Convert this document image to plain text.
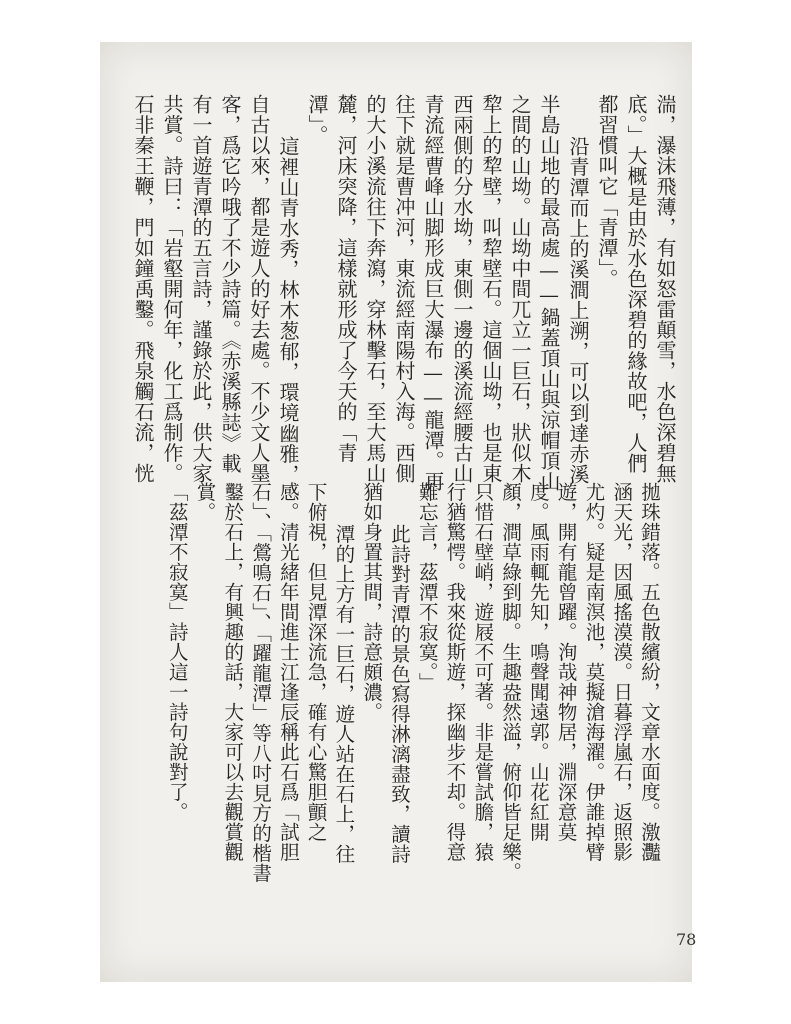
湍，瀑沫飛薄，有如怒雷顛雪，水色深碧無
底。」大概是由於水色深碧的緣故吧，人們
都習慣叫它「青潭」。
沿青潭而上的溪澗上溯，可以到達赤溪
半島山地的最高處——鍋蓋頂山與涼帽頂山
之間的山坳。山坳中間兀立一巨石，狀似木
犂上的犂壁，叫犂壁石。這個山坳，也是東
西兩側的分水坳，東側一邊的溪流經腰古山
青流經曹峰山脚形成巨大瀑布——龍潭。再
往下就是曹冲河，東流經南陽村入海。西側
的大小溪流往下奔瀉，穿林擊石，至大馬山
麓，河床突降，這樣就形成了今天的「青
潭」。
這裡山青水秀，林木葱郁，環境幽雅，
自古以來，都是遊人的好去處。不少文人墨
客，爲它吟哦了不少詩篇。《赤溪縣誌》載
有一首遊青潭的五言詩，謹錄於此，供大家
共賞。詩曰：「岩壑開何年，化工爲制作。
石非秦王鞭，門如鐘禹鑿。飛泉觸石流，恍
拋珠錯落。五色散繽紛，文章水面度。激灩
涵天光，因風搖漠漠。日暮浮嵐石，返照影
尤灼。疑是南溟池，莫擬滄海濯。伊誰掉臂
遊，開有龍曾躍。洵哉神物居，淵深意莫
度。風雨輒先知，鳴聲聞遠郭。山花紅開
顏，澗草綠到脚。生趣盎然溢，俯仰皆足樂。
只惜石壁峭，遊屐不可著。非是嘗試膽，猿
行猶驚愕。我來從斯遊，探幽步不却。得意
難忘言，茲潭不寂寞。」
此詩對青潭的景色寫得淋漓盡致，讀詩
猶如身置其間，詩意頗濃。
潭的上方有一巨石，遊人站在石上，往
下俯視，但見潭深流急，確有心驚胆顫之
感。清光緒年間進士江逢辰稱此石爲「試胆
石」、「鶯鳴石」、「躍龍潭」等八吋見方的楷書
鑿於石上，有興趣的話，大家可以去觀賞觀
賞。
「茲潭不寂寞」詩人這一詩句說對了。
78
